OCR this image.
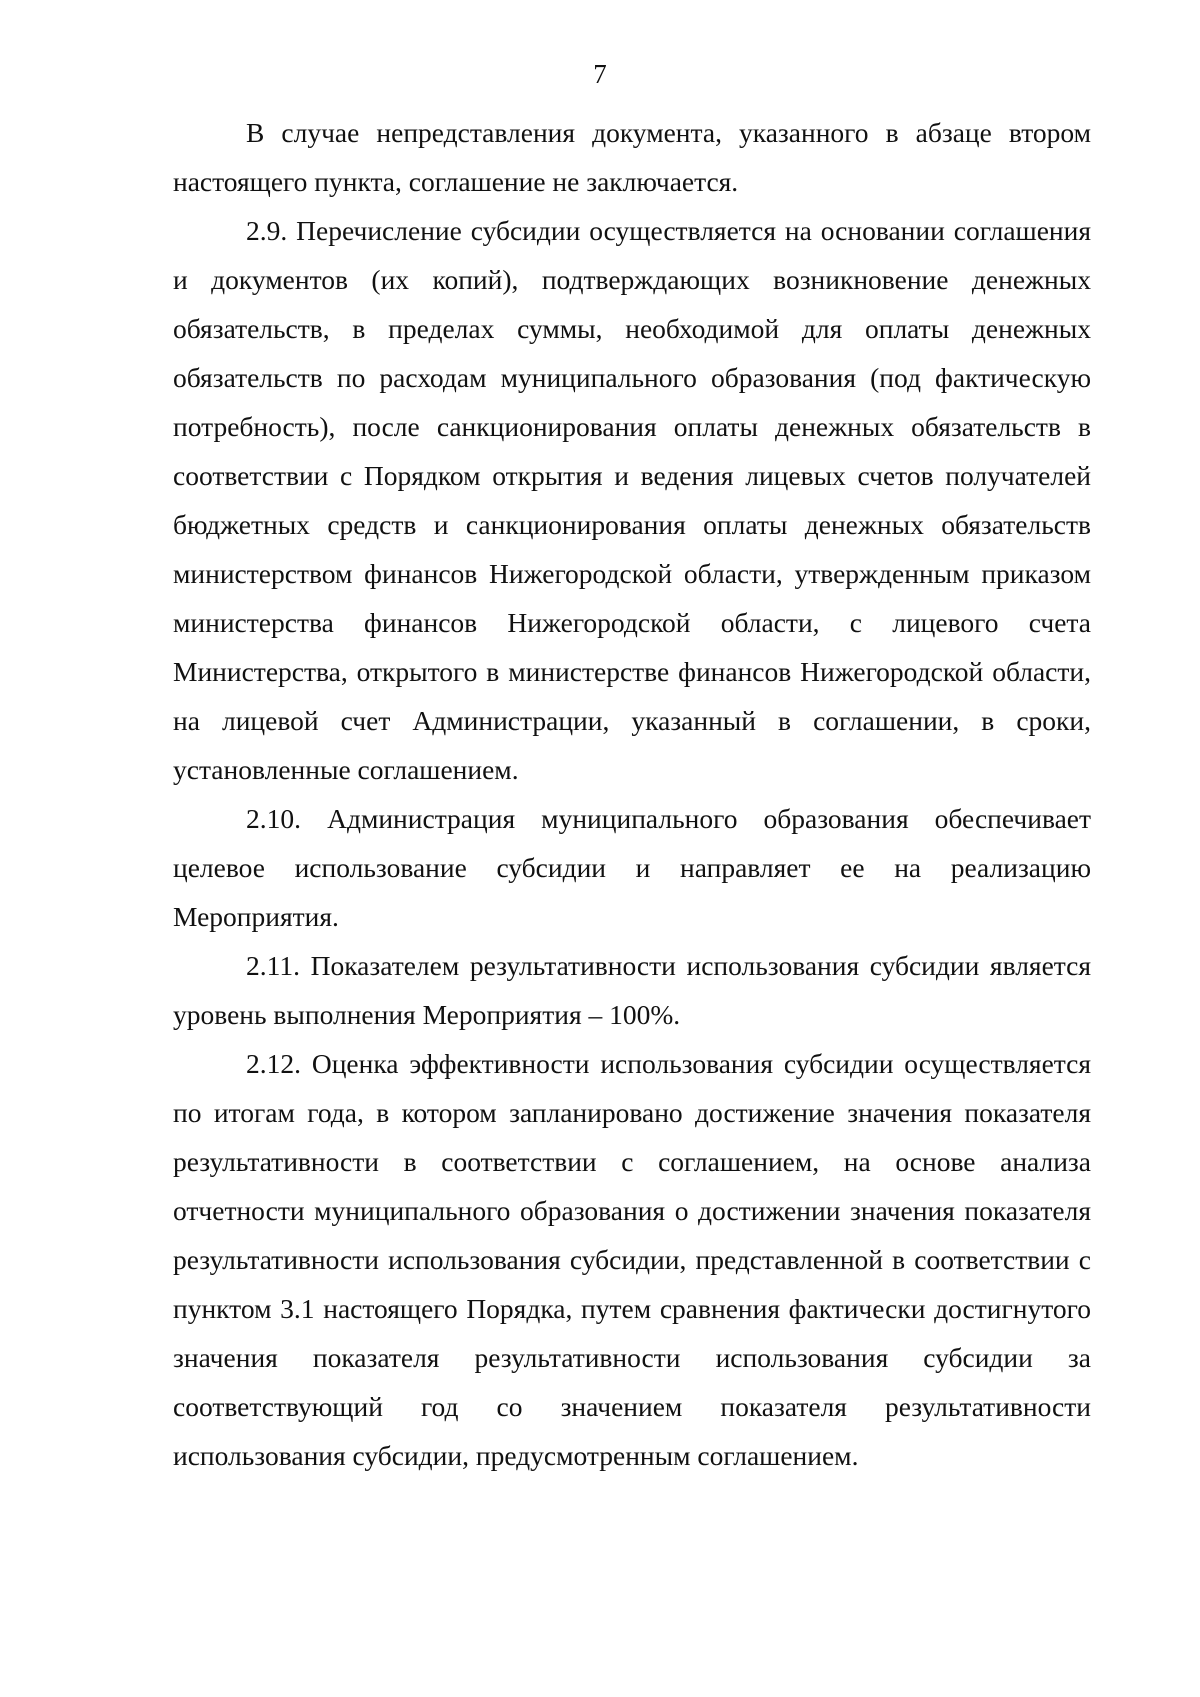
7

В случае непредставления документа, указанного в абзаце втором настоящего пункта, соглашение не заключается.

2.9. Перечисление субсидии осуществляется на основании соглашения и документов (их копий), подтверждающих возникновение денежных обязательств, в пределах суммы, необходимой для оплаты денежных обязательств по расходам муниципального образования (под фактическую потребность), после санкционирования оплаты денежных обязательств в соответствии с Порядком открытия и ведения лицевых счетов получателей бюджетных средств и санкционирования оплаты денежных обязательств министерством финансов Нижегородской области, утвержденным приказом министерства финансов Нижегородской области, с лицевого счета Министерства, открытого в министерстве финансов Нижегородской области, на лицевой счет Администрации, указанный в соглашении, в сроки, установленные соглашением.

2.10. Администрация муниципального образования обеспечивает целевое использование субсидии и направляет ее на реализацию Мероприятия.

2.11. Показателем результативности использования субсидии является уровень выполнения Мероприятия – 100%.

2.12. Оценка эффективности использования субсидии осуществляется по итогам года, в котором запланировано достижение значения показателя результативности в соответствии с соглашением, на основе анализа отчетности муниципального образования о достижении значения показателя результативности использования субсидии, представленной в соответствии с пунктом 3.1 настоящего Порядка, путем сравнения фактически достигнутого значения показателя результативности использования субсидии за соответствующий год со значением показателя результативности использования субсидии, предусмотренным соглашением.
